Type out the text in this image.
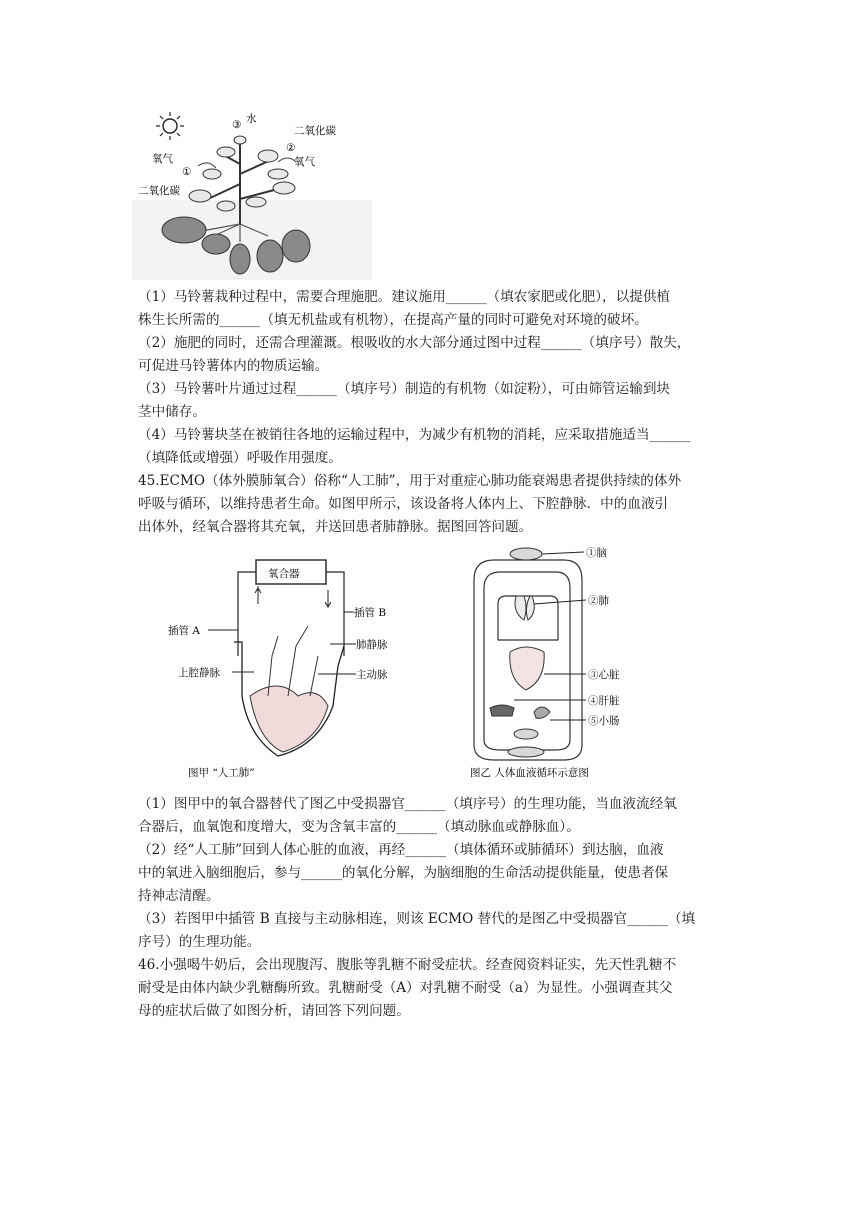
③ 水
二氧化碳
②
氧气
氧气
①
二氧化碳

（1）马铃薯栽种过程中，需要合理施肥。建议施用______（填农家肥或化肥），以提供植

株生长所需的______（填无机盐或有机物），在提高产量的同时可避免对环境的破坏。

（2）施肥的同时，还需合理灌溉。根吸收的水大部分通过图中过程______（填序号）散失，

可促进马铃薯体内的物质运输。

（3）马铃薯叶片通过过程______（填序号）制造的有机物（如淀粉），可由筛管运输到块

茎中储存。

（4）马铃薯块茎在被销往各地的运输过程中，为减少有机物的消耗，应采取措施适当______

（填降低或增强）呼吸作用强度。

45.ECMO（体外膜肺氧合）俗称“人工肺”，用于对重症心肺功能衰竭患者提供持续的体外

呼吸与循环，以维持患者生命。如图甲所示，该设备将人体内上、下腔静脉．中的血液引

出体外，经氧合器将其充氧，并送回患者肺静脉。据图回答问题。

氧合器
插管 A
插管 B
肺静脉
上腔静脉	主动脉
图甲 “人工肺”
①脑
②肺
③心脏
④肝脏
⑤小肠
图乙 人体血液循环示意图

（1）图甲中的氧合器替代了图乙中受损器官______（填序号）的生理功能，当血液流经氧

合器后，血氧饱和度增大，变为含氧丰富的______（填动脉血或静脉血）。

（2）经“人工肺”回到人体心脏的血液，再经______（填体循环或肺循环）到达脑，血液

中的氧进入脑细胞后，参与______的氧化分解，为脑细胞的生命活动提供能量，使患者保

持神志清醒。

（3）若图甲中插管 B 直接与主动脉相连，则该 ECMO 替代的是图乙中受损器官______（填

序号）的生理功能。

46.小强喝牛奶后，会出现腹泻、腹胀等乳糖不耐受症状。经查阅资料证实，先天性乳糖不

耐受是由体内缺少乳糖酶所致。乳糖耐受（A）对乳糖不耐受（a）为显性。小强调查其父

母的症状后做了如图分析，请回答下列问题。
